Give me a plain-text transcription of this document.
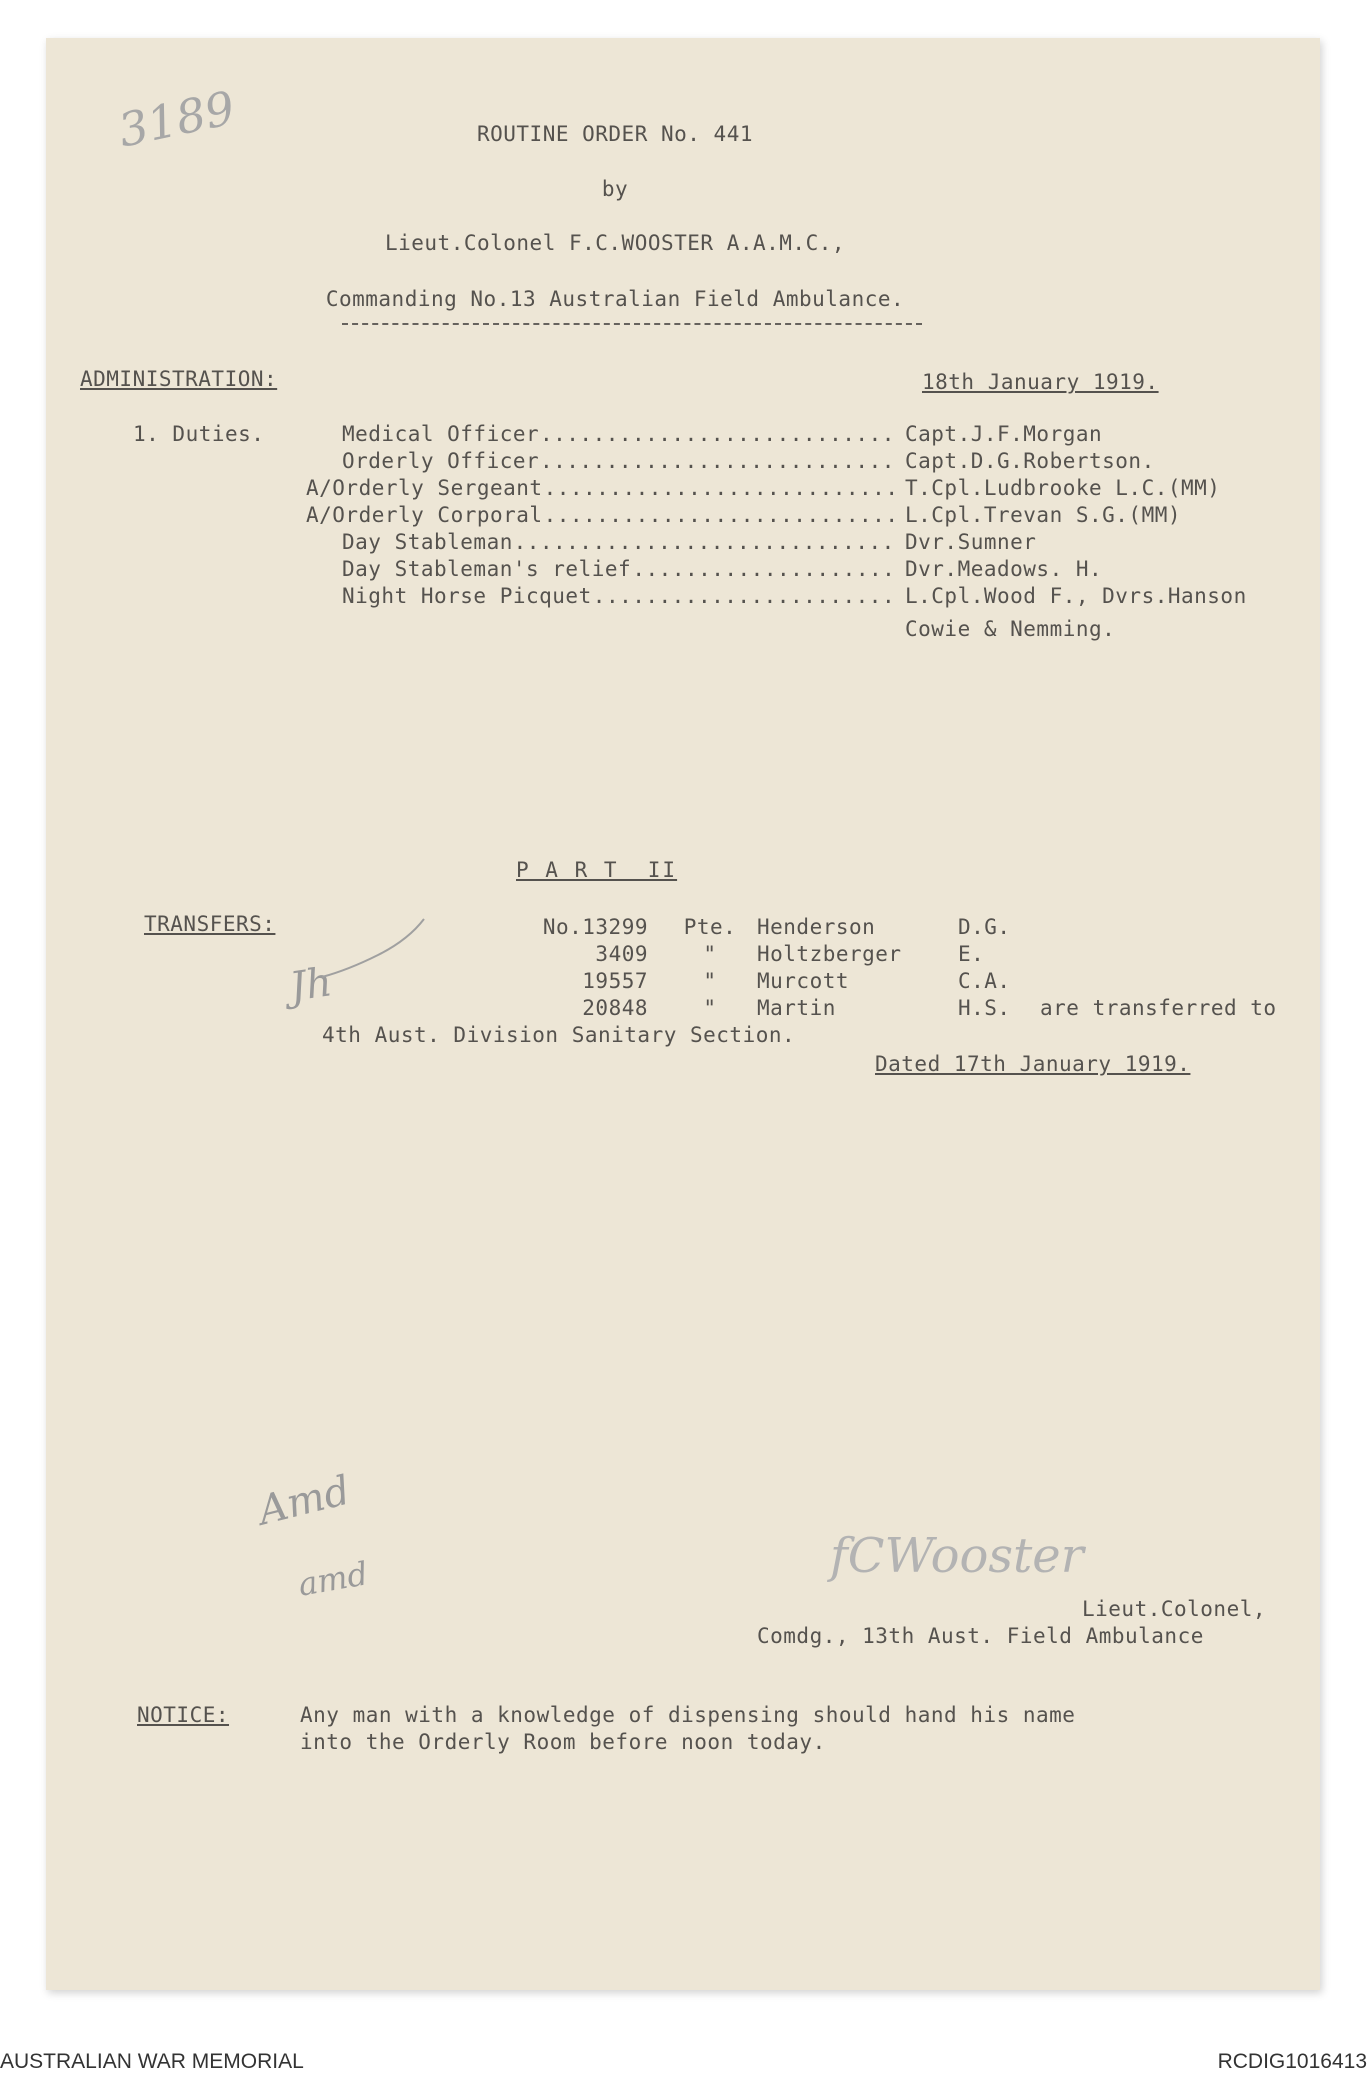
3189	ROUTINE ORDER No. 441
by
Lieut.Colonel F.C.WOOSTER A.A.M.C.,
Commanding No.13 Australian Field Ambulance.
ADMINISTRATION:	18th January 1919.
1. Duties.	Medical Officer ........................... Capt.J.F.Morgan
Orderly Officer ........................... Capt.D.G.Robertson.
A/Orderly Sergeant ........................... T.Cpl.Ludbrooke L.C.(MM)
A/Orderly Corporal ........................... L.Cpl.Trevan S.G.(MM)
Day Stableman ............................. Dvr.Sumner
Day Stableman's relief .................... Dvr.Meadows. H.
Night Horse Picquet ....................... L.Cpl.Wood F., Dvrs.Hanson
Cowie & Nemming.
P A R T  II
TRANSFERS:	No.13299 Pte. Henderson	D.G.
3409	"	Holtzberger	E.
19557	"	Murcott	C.A.
20848	"	Martin	H.S. are transferred to
4th Aust. Division Sanitary Section.
Dated 17th January 1919.
Jh
Amd
amd	fCWooster
Lieut.Colonel,
Comdg., 13th Aust. Field Ambulance
NOTICE:	Any man with a knowledge of dispensing should hand his name
into the Orderly Room before noon today.
AUSTRALIAN WAR MEMORIAL	RCDIG1016413
